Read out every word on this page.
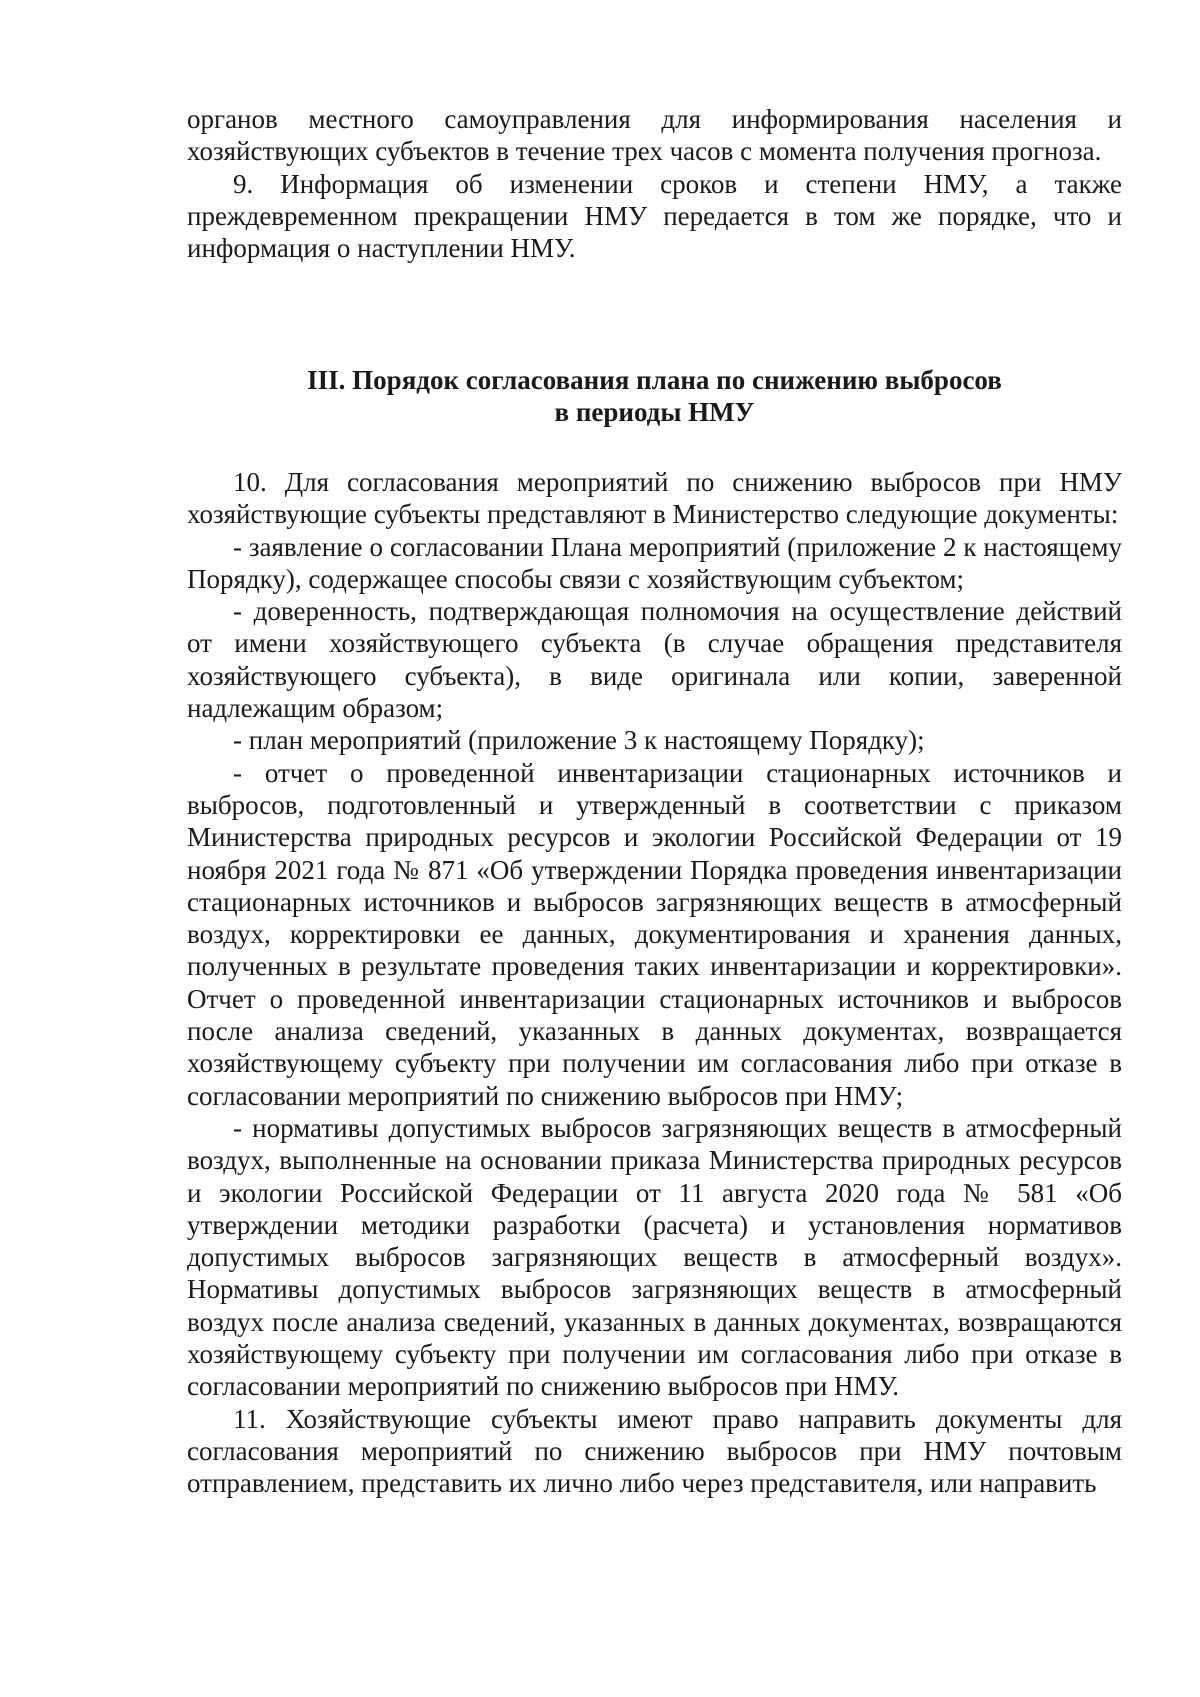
органов местного самоуправления для информирования населения и хозяйствующих субъектов в течение трех часов с момента получения прогноза.

9. Информация об изменении сроков и степени НМУ, а также преждевременном прекращении НМУ передается в том же порядке, что и информация о наступлении НМУ.

III. Порядок согласования плана по снижению выбросов
в периоды НМУ

10. Для согласования мероприятий по снижению выбросов при НМУ хозяйствующие субъекты представляют в Министерство следующие документы:

- заявление о согласовании Плана мероприятий (приложение 2 к настоящему Порядку), содержащее способы связи с хозяйствующим субъектом;

- доверенность, подтверждающая полномочия на осуществление действий от имени хозяйствующего субъекта (в случае обращения представителя хозяйствующего субъекта), в виде оригинала или копии, заверенной надлежащим образом;

- план мероприятий (приложение 3 к настоящему Порядку);

- отчет о проведенной инвентаризации стационарных источников и выбросов, подготовленный и утвержденный в соответствии с приказом Министерства природных ресурсов и экологии Российской Федерации от 19 ноября 2021 года № 871 «Об утверждении Порядка проведения инвентаризации стационарных источников и выбросов загрязняющих веществ в атмосферный воздух, корректировки ее данных, документирования и хранения данных, полученных в результате проведения таких инвентаризации и корректировки». Отчет о проведенной инвентаризации стационарных источников и выбросов после анализа сведений, указанных в данных документах, возвращается хозяйствующему субъекту при получении им согласования либо при отказе в согласовании мероприятий по снижению выбросов при НМУ;

- нормативы допустимых выбросов загрязняющих веществ в атмосферный воздух, выполненные на основании приказа Министерства природных ресурсов и экологии Российской Федерации от 11 августа 2020 года № 581 «Об утверждении методики разработки (расчета) и установления нормативов допустимых выбросов загрязняющих веществ в атмосферный воздух». Нормативы допустимых выбросов загрязняющих веществ в атмосферный воздух после анализа сведений, указанных в данных документах, возвращаются хозяйствующему субъекту при получении им согласования либо при отказе в согласовании мероприятий по снижению выбросов при НМУ.

11. Хозяйствующие субъекты имеют право направить документы для согласования мероприятий по снижению выбросов при НМУ почтовым отправлением, представить их лично либо через представителя, или направить
